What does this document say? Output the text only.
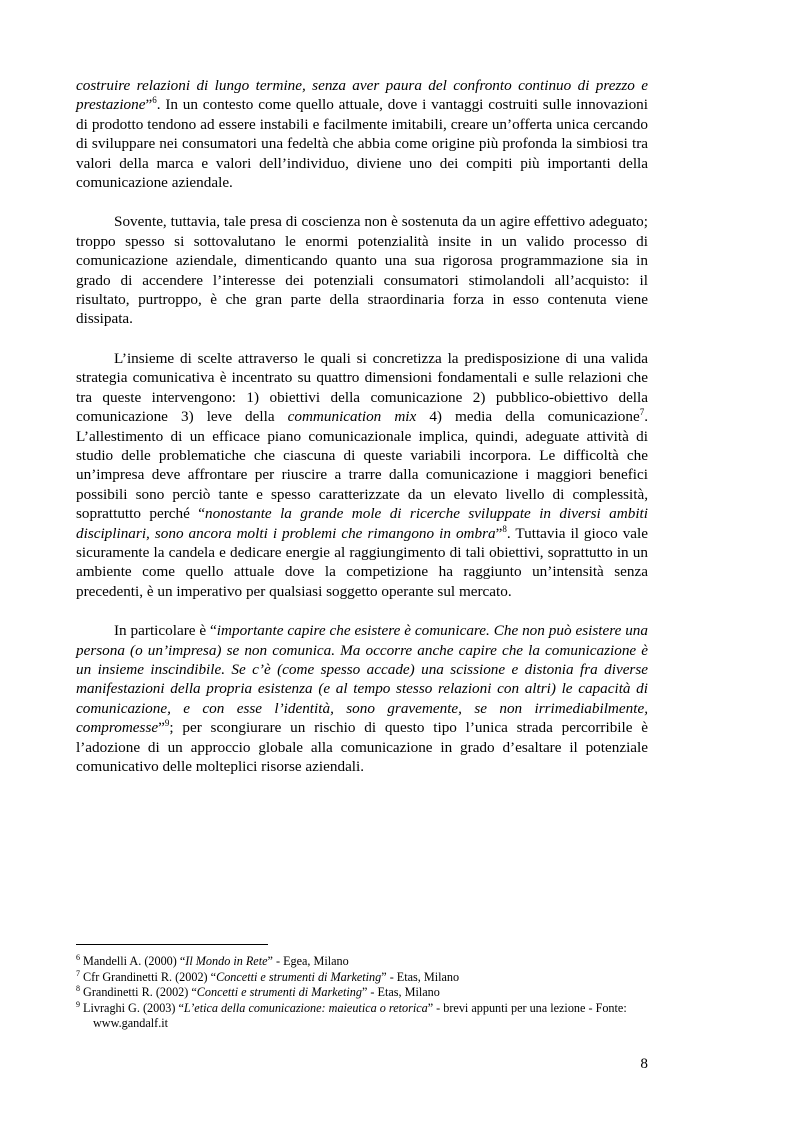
costruire relazioni di lungo termine, senza aver paura del confronto continuo di prezzo e prestazione”$^6$. In un contesto come quello attuale, dove i vantaggi costruiti sulle innovazioni di prodotto tendono ad essere instabili e facilmente imitabili, creare un’offerta unica cercando di sviluppare nei consumatori una fedeltà che abbia come origine più profonda la simbiosi tra valori della marca e valori dell’individuo, diviene uno dei compiti più importanti della comunicazione aziendale.

Sovente, tuttavia, tale presa di coscienza non è sostenuta da un agire effettivo adeguato; troppo spesso si sottovalutano le enormi potenzialità insite in un valido processo di comunicazione aziendale, dimenticando quanto una sua rigorosa programmazione sia in grado di accendere l’interesse dei potenziali consumatori stimolandoli all’acquisto: il risultato, purtroppo, è che gran parte della straordinaria forza in esso contenuta viene dissipata.

L’insieme di scelte attraverso le quali si concretizza la predisposizione di una valida strategia comunicativa è incentrato su quattro dimensioni fondamentali e sulle relazioni che tra queste intervengono: 1) obiettivi della comunicazione 2) pubblico-obiettivo della comunicazione 3) leve della communication mix 4) media della comunicazione$^7$. L’allestimento di un efficace piano comunicazionale implica, quindi, adeguate attività di studio delle problematiche che ciascuna di queste variabili incorpora. Le difficoltà che un’impresa deve affrontare per riuscire a trarre dalla comunicazione i maggiori benefici possibili sono perciò tante e spesso caratterizzate da un elevato livello di complessità, soprattutto perché “nonostante la grande mole di ricerche sviluppate in diversi ambiti disciplinari, sono ancora molti i problemi che rimangono in ombra”$^8$. Tuttavia il gioco vale sicuramente la candela e dedicare energie al raggiungimento di tali obiettivi, soprattutto in un ambiente come quello attuale dove la competizione ha raggiunto un’intensità senza precedenti, è un imperativo per qualsiasi soggetto operante sul mercato.

In particolare è “importante capire che esistere è comunicare. Che non può esistere una persona (o un’impresa) se non comunica. Ma occorre anche capire che la comunicazione è un insieme inscindibile. Se c’è (come spesso accade) una scissione e distonia fra diverse manifestazioni della propria esistenza (e al tempo stesso relazioni con altri) le capacità di comunicazione, e con esse l’identità, sono gravemente, se non irrimediabilmente, compromesse”$^9$; per scongiurare un rischio di questo tipo l’unica strada percorribile è l’adozione di un approccio globale alla comunicazione in grado d’esaltare il potenziale comunicativo delle molteplici risorse aziendali.

$^6$ Mandelli A. (2000) “Il Mondo in Rete” - Egea, Milano

$^7$ Cfr Grandinetti R. (2002) “Concetti e strumenti di Marketing” - Etas, Milano

$^8$ Grandinetti R. (2002) “Concetti e strumenti di Marketing” - Etas, Milano

$^9$ Livraghi G. (2003) “L’etica della comunicazione: maieutica o retorica” - brevi appunti per una lezione - Fonte: www.gandalf.it

8
